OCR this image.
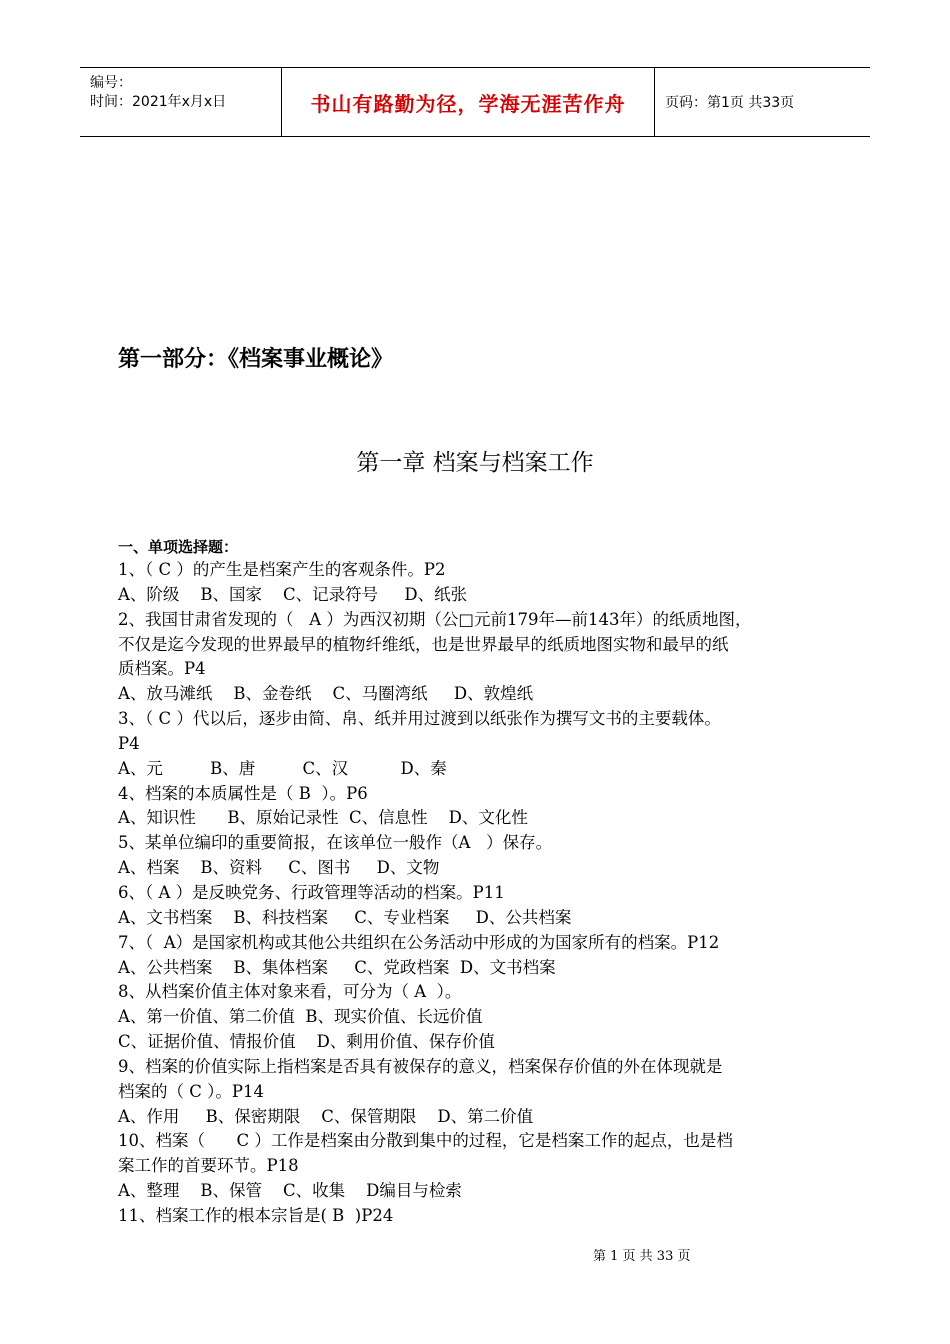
编号：
时间：2021年x月x日	书山有路勤为径，学海无涯苦作舟	页码：第1页 共33页
第一部分：《档案事业概论》
第一章 档案与档案工作
一、单项选择题：
1、（ C ）的产生是档案产生的客观条件。P2
A、阶级    B、国家    C、记录符号     D、纸张
2、我国甘肃省发现的（   A ）为西汉初期（公□元前179年—前143年）的纸质地图，
不仅是迄今发现的世界最早的植物纤维纸，也是世界最早的纸质地图实物和最早的纸
质档案。P4
A、放马滩纸    B、金卷纸    C、马圈湾纸     D、敦煌纸
3、（ C ）代以后，逐步由简、帛、纸并用过渡到以纸张作为撰写文书的主要载体。
P4
A、元         B、唐         C、汉          D、秦
4、档案的本质属性是（ B  ）。P6
A、知识性      B、原始记录性  C、信息性    D、文化性
5、某单位编印的重要简报，在该单位一般作（A   ）保存。
A、档案    B、资料     C、图书     D、文物
6、（ A ）是反映党务、行政管理等活动的档案。P11
A、文书档案    B、科技档案     C、专业档案     D、公共档案
7、（  A）是国家机构或其他公共组织在公务活动中形成的为国家所有的档案。P12
A、公共档案    B、集体档案     C、党政档案  D、文书档案
8、从档案价值主体对象来看，可分为（ A  ）。
A、第一价值、第二价值  B、现实价值、长远价值
C、证据价值、情报价值    D、剩用价值、保存价值
9、档案的价值实际上指档案是否具有被保存的意义，档案保存价值的外在体现就是
档案的（ C ）。P14
A、作用     B、保密期限    C、保管期限    D、第二价值
10、档案（      C ）工作是档案由分散到集中的过程，它是档案工作的起点，也是档
案工作的首要环节。P18
A、整理    B、保管    C、收集    D编目与检索
11、档案工作的根本宗旨是( B  )P24
第 1 页 共 33 页
